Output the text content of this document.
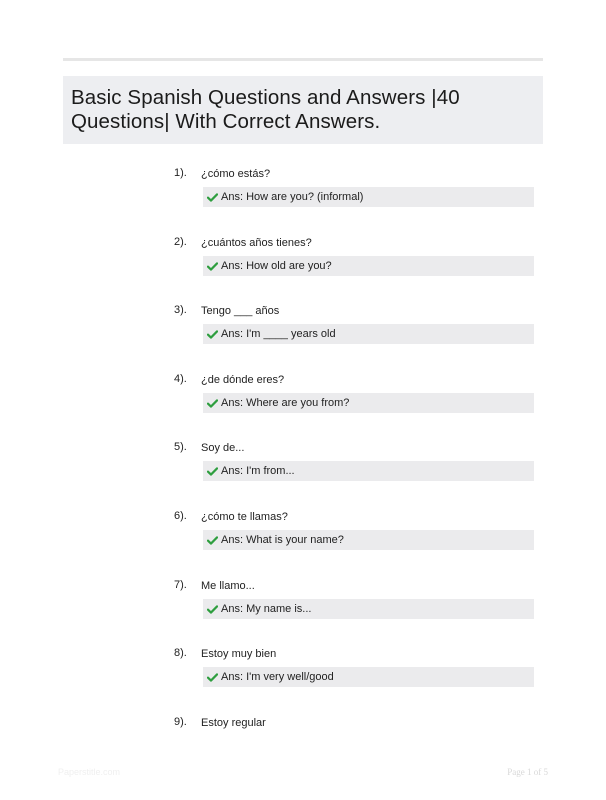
Basic Spanish Questions and Answers |40 Questions| With Correct Answers.
1). ¿cómo estás?
Ans: How are you? (informal)
2). ¿cuántos años tienes?
Ans: How old are you?
3). Tengo ___ años
Ans: I'm ____ years old
4). ¿de dónde eres?
Ans: Where are you from?
5). Soy de...
Ans: I'm from...
6). ¿cómo te llamas?
Ans: What is your name?
7). Me llamo...
Ans: My name is...
8). Estoy muy bien
Ans: I'm very well/good
9). Estoy regular
Paperstitle.com	Page 1 of 5
